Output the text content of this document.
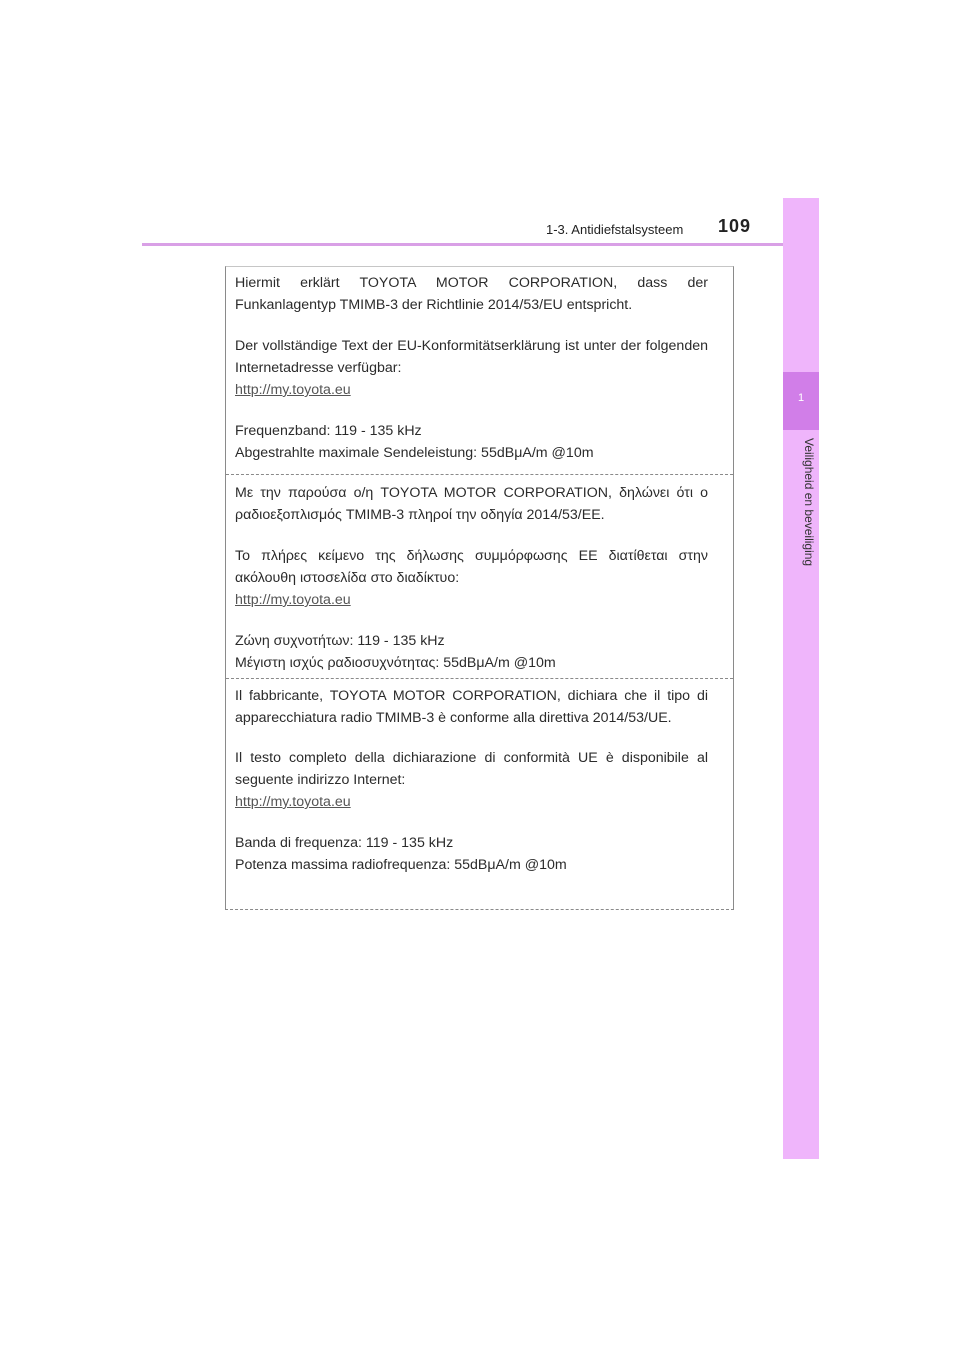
1-3. Antidiefstalsysteem 109
1
Veiligheid en beveiliging

Hiermit erklärt TOYOTA MOTOR CORPORATION, dass der Funkanlagentyp TMIMB-3 der Richtlinie 2014/53/EU entspricht.

Der vollständige Text der EU-Konformitätserklärung ist unter der folgenden Internetadresse verfügbar:

http://my.toyota.eu

Frequenzband: 119 - 135 kHz

Abgestrahlte maximale Sendeleistung: 55dBμA/m @10m

Με την παρούσα ο/η TOYOTA MOTOR CORPORATION, δηλώνει ότι ο ραδιοεξοπλισμός TMIMB-3 πληροί την οδηγία 2014/53/ΕΕ.

Το πλήρες κείμενο της δήλωσης συμμόρφωσης ΕΕ διατίθεται στην ακόλουθη ιστοσελίδα στο διαδίκτυο:

http://my.toyota.eu

Ζώνη συχνοτήτων: 119 - 135 kHz

Μέγιστη ισχύς ραδιοσυχνότητας: 55dBμA/m @10m

Il fabbricante, TOYOTA MOTOR CORPORATION, dichiara che il tipo di apparecchiatura radio TMIMB-3 è conforme alla direttiva 2014/53/UE.

Il testo completo della dichiarazione di conformità UE è disponibile al seguente indirizzo Internet:

http://my.toyota.eu

Banda di frequenza: 119 - 135 kHz

Potenza massima radiofrequenza: 55dBμA/m @10m
